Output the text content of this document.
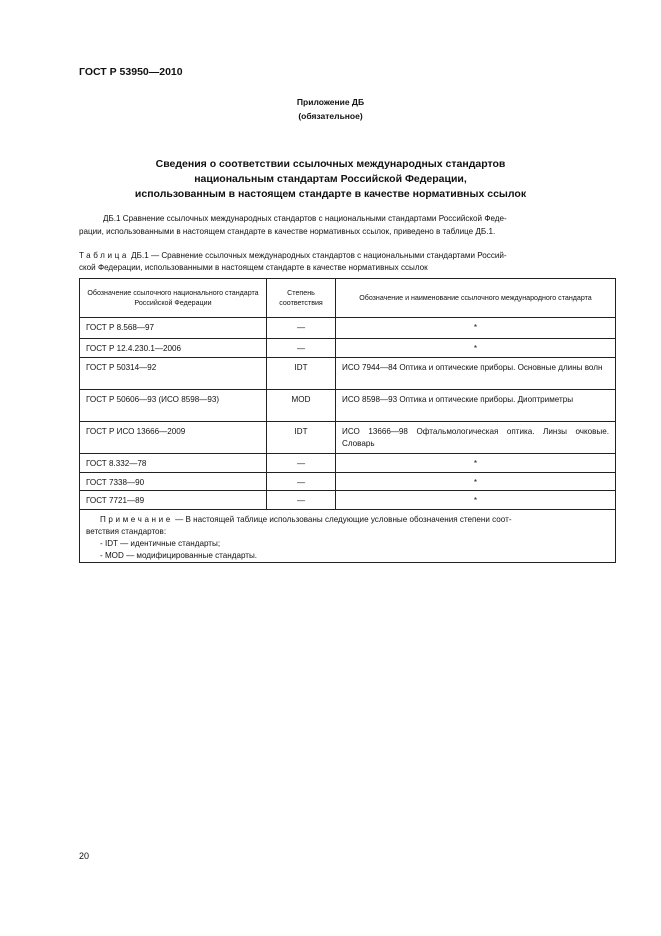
ГОСТ Р 53950—2010
Приложение ДБ
(обязательное)
Сведения о соответствии ссылочных международных стандартов
национальным стандартам Российской Федерации,
использованным в настоящем стандарте в качестве нормативных ссылок
ДБ.1 Сравнение ссылочных международных стандартов с национальными стандартами Российской Феде-
рации, использованными в настоящем стандарте в качестве нормативных ссылок, приведено в таблице ДБ.1.
Таблица ДБ.1 — Сравнение ссылочных международных стандартов с национальными стандартами Россий-
ской Федерации, использованными в настоящем стандарте в качестве нормативных ссылок
Обозначение ссылочного национального стандарта Российской Федерации	Степень соответствия	Обозначение и наименование ссылочного международного стандарта
ГОСТ Р 8.568—97	—	*
ГОСТ Р 12.4.230.1—2006	—	*
ГОСТ Р 50314—92	IDT	ИСО 7944—84 Оптика и оптические приборы. Основные длины волн
ГОСТ Р 50606—93 (ИСО 8598—93)	MOD	ИСО 8598—93 Оптика и оптические приборы. Диоптриметры
ГОСТ Р ИСО 13666—2009	IDT	ИСО 13666—98 Офтальмологическая оптика. Линзы очковые. Словарь
ГОСТ 8.332—78	—	*
ГОСТ 7338—90	—	*
ГОСТ 7721—89	—	*

Примечание — В настоящей таблице использованы следующие условные обозначения степени соот-
ветствия стандартов:
- IDT — идентичные стандарты;
- MOD — модифицированные стандарты.		
20
